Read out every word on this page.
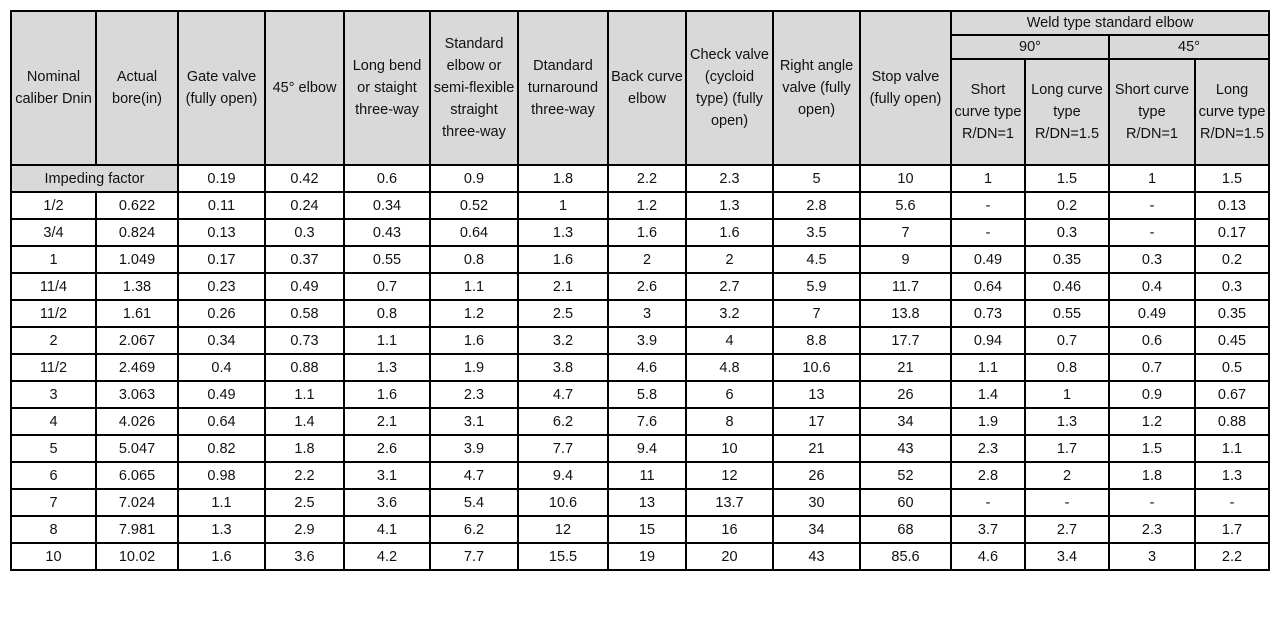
Nominal caliber Dnin	Actual bore(in)	Gate valve (fully open)	45° elbow	Long bend or staight three-way	Standard elbow or semi-flexible straight three-way	Dtandard turnaround three-way	Back curve elbow	Check valve (cycloid type) (fully open)	Right angle valve (fully open)	Stop valve (fully open)	Weld type standard elbow			
											90°		45°	
											Short curve type R/DN=1	Long curve type R/DN=1.5	Short curve type R/DN=1	Long curve type R/DN=1.5
Impeding factor		0.19	0.42	0.6	0.9	1.8	2.2	2.3	5	10	1	1.5	1	1.5
1/2	0.622	0.11	0.24	0.34	0.52	1	1.2	1.3	2.8	5.6	-	0.2	-	0.13
3/4	0.824	0.13	0.3	0.43	0.64	1.3	1.6	1.6	3.5	7	-	0.3	-	0.17
1	1.049	0.17	0.37	0.55	0.8	1.6	2	2	4.5	9	0.49	0.35	0.3	0.2
11/4	1.38	0.23	0.49	0.7	1.1	2.1	2.6	2.7	5.9	11.7	0.64	0.46	0.4	0.3
11/2	1.61	0.26	0.58	0.8	1.2	2.5	3	3.2	7	13.8	0.73	0.55	0.49	0.35
2	2.067	0.34	0.73	1.1	1.6	3.2	3.9	4	8.8	17.7	0.94	0.7	0.6	0.45
11/2	2.469	0.4	0.88	1.3	1.9	3.8	4.6	4.8	10.6	21	1.1	0.8	0.7	0.5
3	3.063	0.49	1.1	1.6	2.3	4.7	5.8	6	13	26	1.4	1	0.9	0.67
4	4.026	0.64	1.4	2.1	3.1	6.2	7.6	8	17	34	1.9	1.3	1.2	0.88
5	5.047	0.82	1.8	2.6	3.9	7.7	9.4	10	21	43	2.3	1.7	1.5	1.1
6	6.065	0.98	2.2	3.1	4.7	9.4	11	12	26	52	2.8	2	1.8	1.3
7	7.024	1.1	2.5	3.6	5.4	10.6	13	13.7	30	60	-	-	-	-
8	7.981	1.3	2.9	4.1	6.2	12	15	16	34	68	3.7	2.7	2.3	1.7
10	10.02	1.6	3.6	4.2	7.7	15.5	19	20	43	85.6	4.6	3.4	3	2.2
